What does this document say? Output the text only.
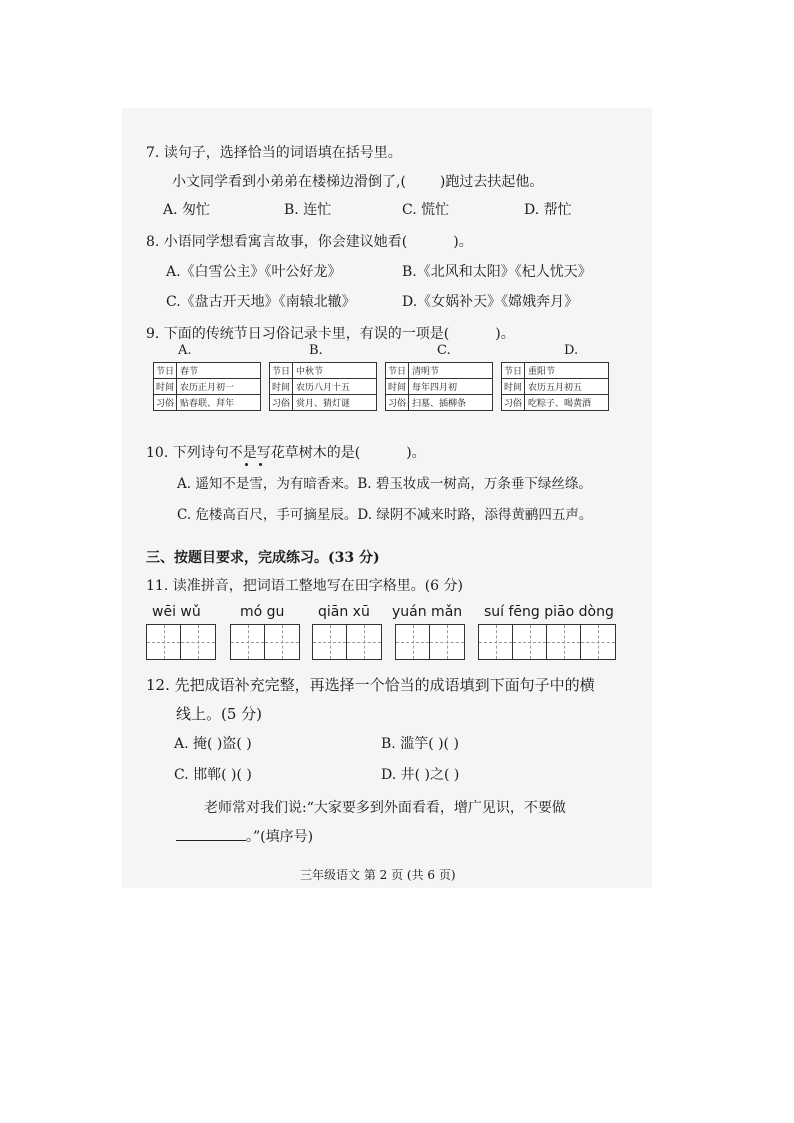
7. 读句子，选择恰当的词语填在括号里。
小文同学看到小弟弟在楼梯边滑倒了,( )跑过去扶起他。
A. 匆忙	B. 连忙	C. 慌忙	D. 帮忙
8. 小语同学想看寓言故事，你会建议她看(	)。
A.《白雪公主》《叶公好龙》	B.《北风和太阳》《杞人忧天》
C.《盘古开天地》《南辕北辙》	D.《女娲补天》《嫦娥奔月》
9. 下面的传统节日习俗记录卡里，有误的一项是(	)。
A.	B.	C.	D.
节日 春节
时间 农历正月初一
习俗 贴春联、拜年
节日 中秋节
时间 农历八月十五
习俗 赏月、猜灯谜
节日 清明节
时间 每年四月初
习俗 扫墓、插柳条
节日 重阳节
时间 农历五月初五
习俗 吃粽子、喝黄酒
10. 下列诗句不是写花草树木的是(	)。
A. 遥知不是雪，为有暗香来。B. 碧玉妆成一树高，万条垂下绿丝绦。
C. 危楼高百尺，手可摘星辰。D. 绿阴不减来时路，添得黄鹂四五声。
三、按题目要求，完成练习。(33 分)
11. 读准拼音，把词语工整地写在田字格里。(6 分)
wēi wǔ	mó gu qiān xū yuán mǎn suí fēng piāo dòng
12. 先把成语补充完整，再选择一个恰当的成语填到下面句子中的横
线上。(5 分)
A. 掩( )盗( )	B. 滥竽( )( )
C. 邯郸( )( )	D. 井( )之( )
老师常对我们说:“大家要多到外面看看，增广见识，不要做
。”(填序号)
三年级语文 第 2 页 (共 6 页)
